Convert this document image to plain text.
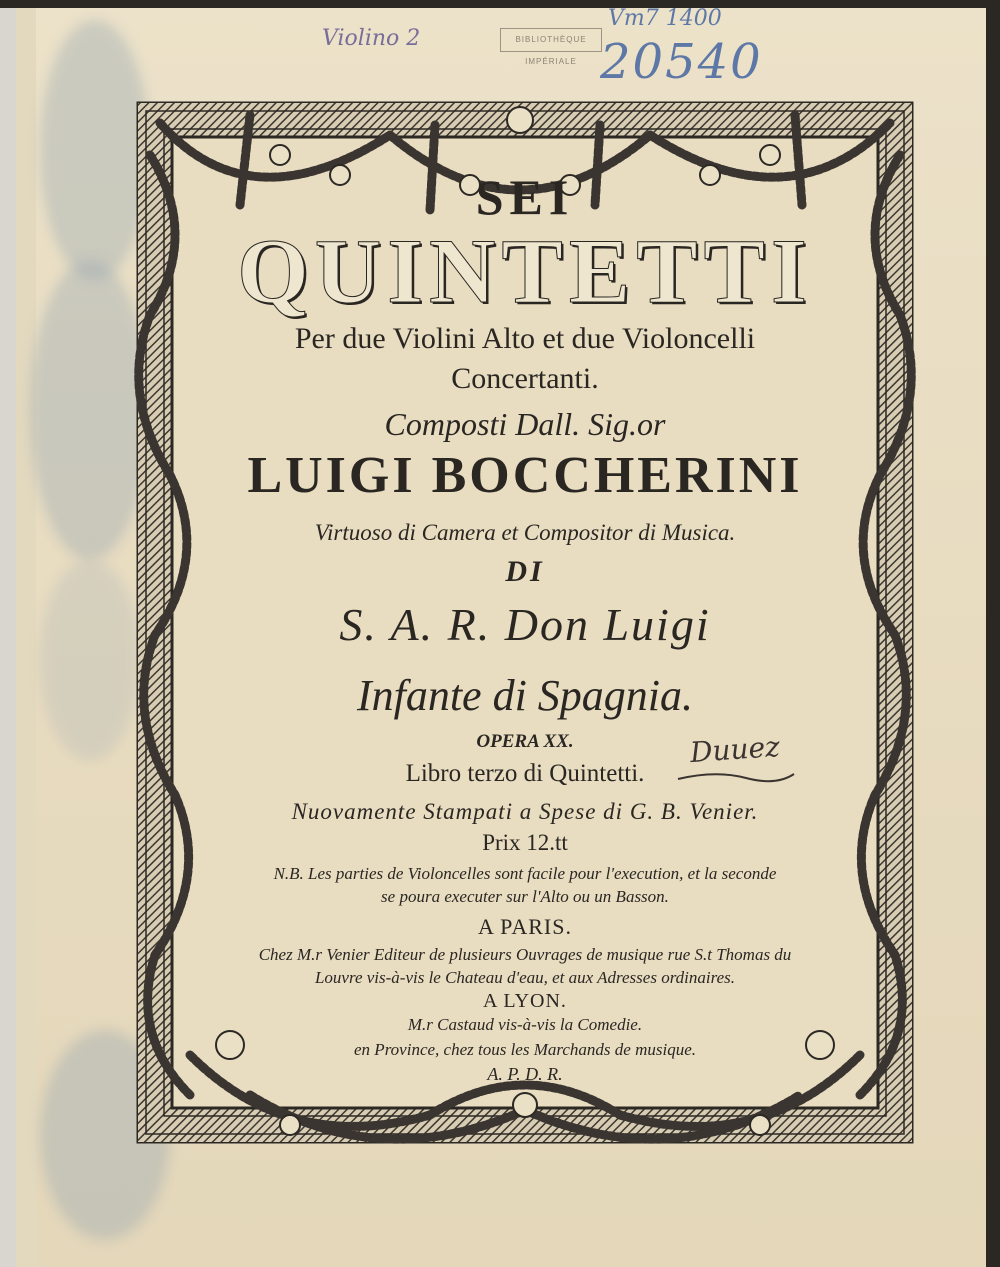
Violino 2	BIBLIOTHÈQUE IMPÉRIALE
Vm7 1400
20540
SEI
QUINTETTI
Per due Violini Alto et due Violoncelli
Concertanti.
Composti Dall. Sig.or
LUIGI BOCCHERINI
Virtuoso di Camera et Compositor di Musica.
DI
S. A. R. Don Luigi
Infante di Spagnia.
OPERA XX.
Libro terzo di Quintetti.
Nuovamente Stampati a Spese di G. B. Venier.
Prix 12.tt
N.B. Les parties de Violoncelles sont facile pour l'execution, et la seconde
se poura executer sur l'Alto ou un Basson.
A PARIS.
Chez M.r Venier Editeur de plusieurs Ouvrages de musique rue S.t Thomas du
Louvre vis-à-vis le Chateau d'eau, et aux Adresses ordinaires.
A LYON.
M.r Castaud vis-à-vis la Comedie.
en Province, chez tous les Marchands de musique.
A. P. D. R.
Duuez
